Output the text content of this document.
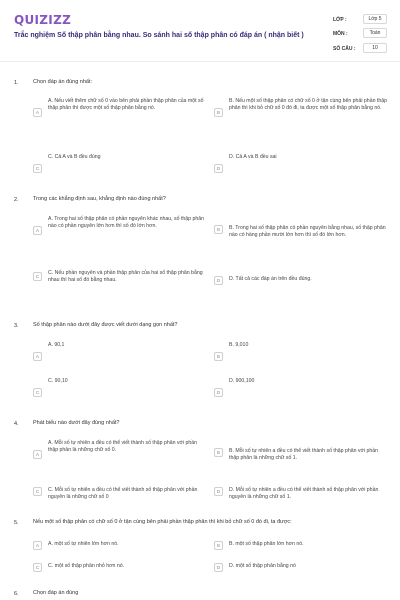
QUIZIZZ
Trắc nghiệm Số thập phân bằng nhau. So sánh hai số thập phân có đáp án ( nhận biết )
LỚP :	Lớp 5
MÔN :	Toán
SỐ CÂU :	10
1.	Chọn đáp án đúng nhất:
A
A. Nếu viết thêm chữ số 0 vào bên phải phần thập phân của một số thập phân thì được một số thập phân bằng nó.
B
B. Nếu một số thập phân có chữ số 0 ở tận cùng bên phải phần thập phân thì khi bỏ chữ số 0 đó đi, ta được một số thập phân bằng nó.
C
C. Cả A và B đều đúng
D
D. Cả A và B đều sai
2.	Trong các khẳng định sau, khẳng định nào đúng nhất?
A
A. Trong hai số thập phân có phần nguyên khác nhau, số thập phân nào có phần nguyên lớn hơn thì số đó lớn hơn.
B	B. Trong hai số thập phân có phần nguyên bằng nhau, số thập phân nào có hàng phần mười lớn hơn thì số đó lớn hơn.
C
C. Nếu phần nguyên và phần thập phân của hai số thập phân bằng nhau thì hai số đó bằng nhau.	D	D. Tất cả các đáp án trên đều đúng.
3.	Số thập phân nào dưới đây được viết dưới dạng gọn nhất?
A
A. 90,1
B
B. 9,010
C
C. 90,10
D
D. 900,100
4.	Phát biểu nào dưới đây đúng nhất?
A
A. Mỗi số tự nhiên a đều có thể viết thành số thập phân với phần thập phân là những chữ số 0.	B	B. Mỗi số tự nhiên a đều có thể viết thành số thập phân với phần thập phân là những chữ số 1.
C	C. Mỗi số tự nhiên a đều có thể viết thành số thập phân với phần nguyên là những chữ số 0
D	D. Mỗi số tự nhiên a đều có thể viết thành số thập phân với phần nguyên là những chữ số 1.
5.	Nếu một số thập phân có chữ số 0 ở tận cùng bên phải phần thập phân thì khi bỏ chữ số 0 đó đi, ta được:
A	A. một số tự nhiên lớn hơn nó.	B	B. một số thập phân lớn hơn nó.
C	C. một số thập phân nhỏ hơn nó.	D	D. một số thập phân bằng nó
6.	Chọn đáp án đúng
